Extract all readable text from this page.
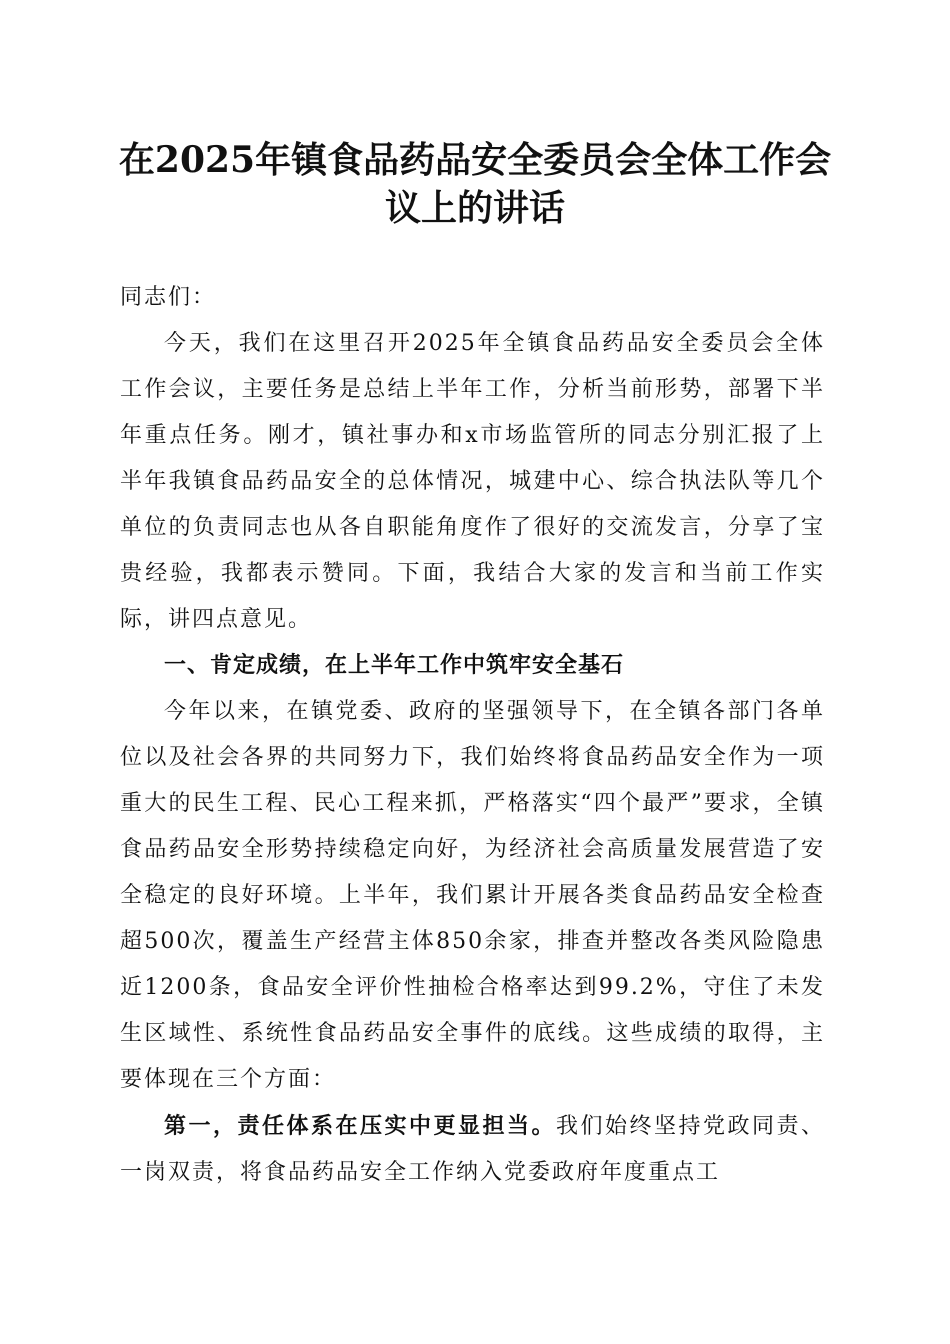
在2025年镇食品药品安全委员会全体工作会
议上的讲话

同志们：

今天，我们在这里召开2025年全镇食品药品安全委员会全体工作会议，主要任务是总结上半年工作，分析当前形势，部署下半年重点任务。刚才，镇社事办和x市场监管所的同志分别汇报了上半年我镇食品药品安全的总体情况，城建中心、综合执法队等几个单位的负责同志也从各自职能角度作了很好的交流发言，分享了宝贵经验，我都表示赞同。下面，我结合大家的发言和当前工作实际，讲四点意见。

一、肯定成绩，在上半年工作中筑牢安全基石

今年以来，在镇党委、政府的坚强领导下，在全镇各部门各单位以及社会各界的共同努力下，我们始终将食品药品安全作为一项重大的民生工程、民心工程来抓，严格落实“四个最严”要求，全镇食品药品安全形势持续稳定向好，为经济社会高质量发展营造了安全稳定的良好环境。上半年，我们累计开展各类食品药品安全检查超500次，覆盖生产经营主体850余家，排查并整改各类风险隐患近1200条，食品安全评价性抽检合格率达到99.2%，守住了未发生区域性、系统性食品药品安全事件的底线。这些成绩的取得，主要体现在三个方面：

第一，责任体系在压实中更显担当。我们始终坚持党政同责、一岗双责，将食品药品安全工作纳入党委政府年度重点工
